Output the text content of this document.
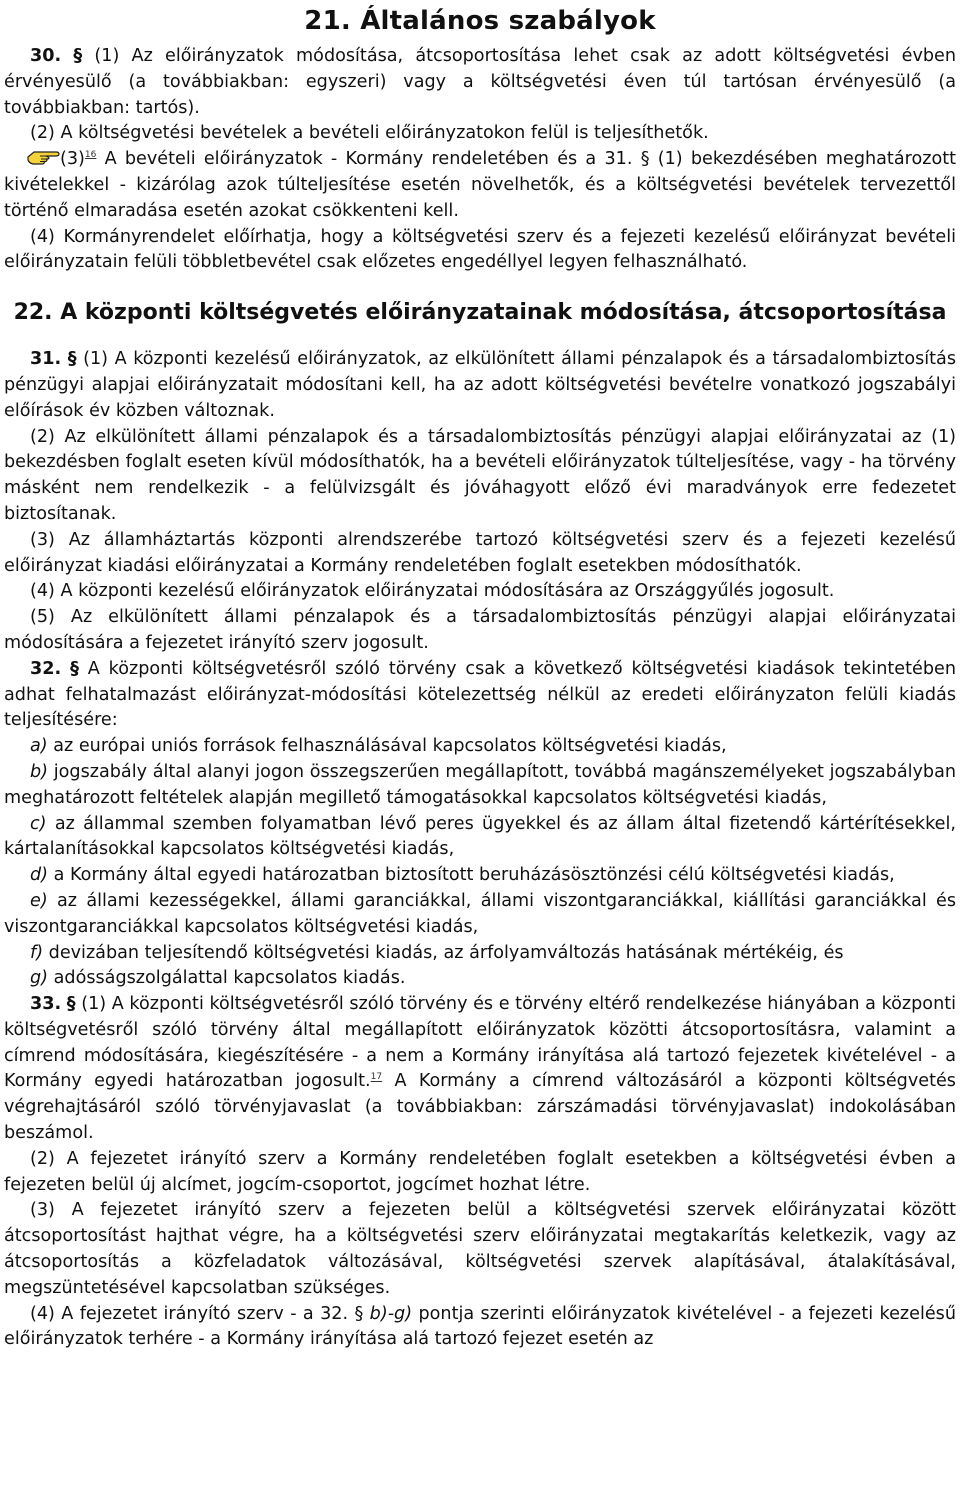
21. Általános szabályok

30. § (1) Az előirányzatok módosítása, átcsoportosítása lehet csak az adott költségvetési évben érvényesülő (a továbbiakban: egyszeri) vagy a költségvetési éven túl tartósan érvényesülő (a továbbiakban: tartós).

(2) A költségvetési bevételek a bevételi előirányzatokon felül is teljesíthetők.

(3)$^{16}$ A bevételi előirányzatok - Kormány rendeletében és a 31. § (1) bekezdésében meghatározott kivételekkel - kizárólag azok túlteljesítése esetén növelhetők, és a költségvetési bevételek tervezettől történő elmaradása esetén azokat csökkenteni kell.

(4) Kormányrendelet előírhatja, hogy a költségvetési szerv és a fejezeti kezelésű előirányzat bevételi előirányzatain felüli többletbevétel csak előzetes engedéllyel legyen felhasználható.

22. A központi költségvetés előirányzatainak módosítása, átcsoportosítása

31. § (1) A központi kezelésű előirányzatok, az elkülönített állami pénzalapok és a társadalombiztosítás pénzügyi alapjai előirányzatait módosítani kell, ha az adott költségvetési bevételre vonatkozó jogszabályi előírások év közben változnak.

(2) Az elkülönített állami pénzalapok és a társadalombiztosítás pénzügyi alapjai előirányzatai az (1) bekezdésben foglalt eseten kívül módosíthatók, ha a bevételi előirányzatok túlteljesítése, vagy - ha törvény másként nem rendelkezik - a felülvizsgált és jóváhagyott előző évi maradványok erre fedezetet biztosítanak.

(3) Az államháztartás központi alrendszerébe tartozó költségvetési szerv és a fejezeti kezelésű előirányzat kiadási előirányzatai a Kormány rendeletében foglalt esetekben módosíthatók.

(4) A központi kezelésű előirányzatok előirányzatai módosítására az Országgyűlés jogosult.

(5) Az elkülönített állami pénzalapok és a társadalombiztosítás pénzügyi alapjai előirányzatai módosítására a fejezetet irányító szerv jogosult.

32. § A központi költségvetésről szóló törvény csak a következő költségvetési kiadások tekintetében adhat felhatalmazást előirányzat-módosítási kötelezettség nélkül az eredeti előirányzaton felüli kiadás teljesítésére:

a) az európai uniós források felhasználásával kapcsolatos költségvetési kiadás,

b) jogszabály által alanyi jogon összegszerűen megállapított, továbbá magánszemélyeket jogszabályban meghatározott feltételek alapján megillető támogatásokkal kapcsolatos költségvetési kiadás,

c) az állammal szemben folyamatban lévő peres ügyekkel és az állam által fizetendő kártérítésekkel, kártalanításokkal kapcsolatos költségvetési kiadás,

d) a Kormány által egyedi határozatban biztosított beruházásösztönzési célú költségvetési kiadás,

e) az állami kezességekkel, állami garanciákkal, állami viszontgaranciákkal, kiállítási garanciákkal és viszontgaranciákkal kapcsolatos költségvetési kiadás,

f) devizában teljesítendő költségvetési kiadás, az árfolyamváltozás hatásának mértékéig, és

g) adósságszolgálattal kapcsolatos kiadás.

33. § (1) A központi költségvetésről szóló törvény és e törvény eltérő rendelkezése hiányában a központi költségvetésről szóló törvény által megállapított előirányzatok közötti átcsoportosításra, valamint a címrend módosítására, kiegészítésére - a nem a Kormány irányítása alá tartozó fejezetek kivételével - a Kormány egyedi határozatban jogosult.$^{17}$ A Kormány a címrend változásáról a központi költségvetés végrehajtásáról szóló törvényjavaslat (a továbbiakban: zárszámadási törvényjavaslat) indokolásában beszámol.

(2) A fejezetet irányító szerv a Kormány rendeletében foglalt esetekben a költségvetési évben a fejezeten belül új alcímet, jogcím-csoportot, jogcímet hozhat létre.

(3) A fejezetet irányító szerv a fejezeten belül a költségvetési szervek előirányzatai között átcsoportosítást hajthat végre, ha a költségvetési szerv előirányzatai megtakarítás keletkezik, vagy az átcsoportosítás a közfeladatok változásával, költségvetési szervek alapításával, átalakításával, megszüntetésével kapcsolatban szükséges.

(4) A fejezetet irányító szerv - a 32. § b)-g) pontja szerinti előirányzatok kivételével - a fejezeti kezelésű előirányzatok terhére - a Kormány irányítása alá tartozó fejezet esetén az
